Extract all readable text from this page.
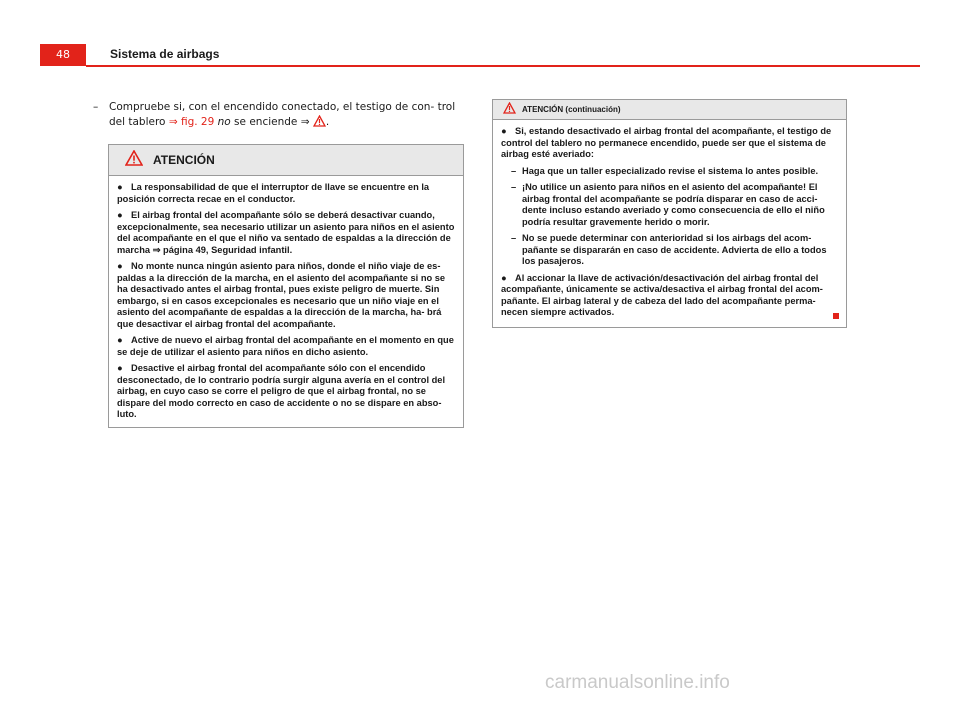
48	Sistema de airbags
– Compruebe si, con el encendido conectado, el testigo de con- trol del tablero ⇒ fig. 29 no se enciende ⇒ .
ATENCIÓN
● La responsabilidad de que el interruptor de llave se encuentre en la posición correcta recae en el conductor.
● El airbag frontal del acompañante sólo se deberá desactivar cuando, excepcionalmente, sea necesario utilizar un asiento para niños en el asiento del acompañante en el que el niño va sentado de espaldas a la dirección de marcha ⇒ página 49, Seguridad infantil.
● No monte nunca ningún asiento para niños, donde el niño viaje de es- paldas a la dirección de la marcha, en el asiento del acompañante si no se ha desactivado antes el airbag frontal, pues existe peligro de muerte. Sin embargo, si en casos excepcionales es necesario que un niño viaje en el asiento del acompañante de espaldas a la dirección de la marcha, ha- brá que desactivar el airbag frontal del acompañante.
● Active de nuevo el airbag frontal del acompañante en el momento en que se deje de utilizar el asiento para niños en dicho asiento.
● Desactive el airbag frontal del acompañante sólo con el encendido desconectado, de lo contrario podría surgir alguna avería en el control del airbag, en cuyo caso se corre el peligro de que el airbag frontal, no se dispare del modo correcto en caso de accidente o no se dispare en abso- luto.
ATENCIÓN (continuación)
● Si, estando desactivado el airbag frontal del acompañante, el testigo de control del tablero no permanece encendido, puede ser que el sistema de airbag esté averiado:
– Haga que un taller especializado revise el sistema lo antes posible.
– ¡No utilice un asiento para niños en el asiento del acompañante! El airbag frontal del acompañante se podría disparar en caso de acci- dente incluso estando averiado y como consecuencia de ello el niño podría resultar gravemente herido o morir.
– No se puede determinar con anterioridad si los airbags del acom- pañante se dispararán en caso de accidente. Advierta de ello a todos los pasajeros.
● Al accionar la llave de activación/desactivación del airbag frontal del acompañante, únicamente se activa/desactiva el airbag frontal del acom- pañante. El airbag lateral y de cabeza del lado del acompañante perma- necen siempre activados.
carmanualsonline.info
